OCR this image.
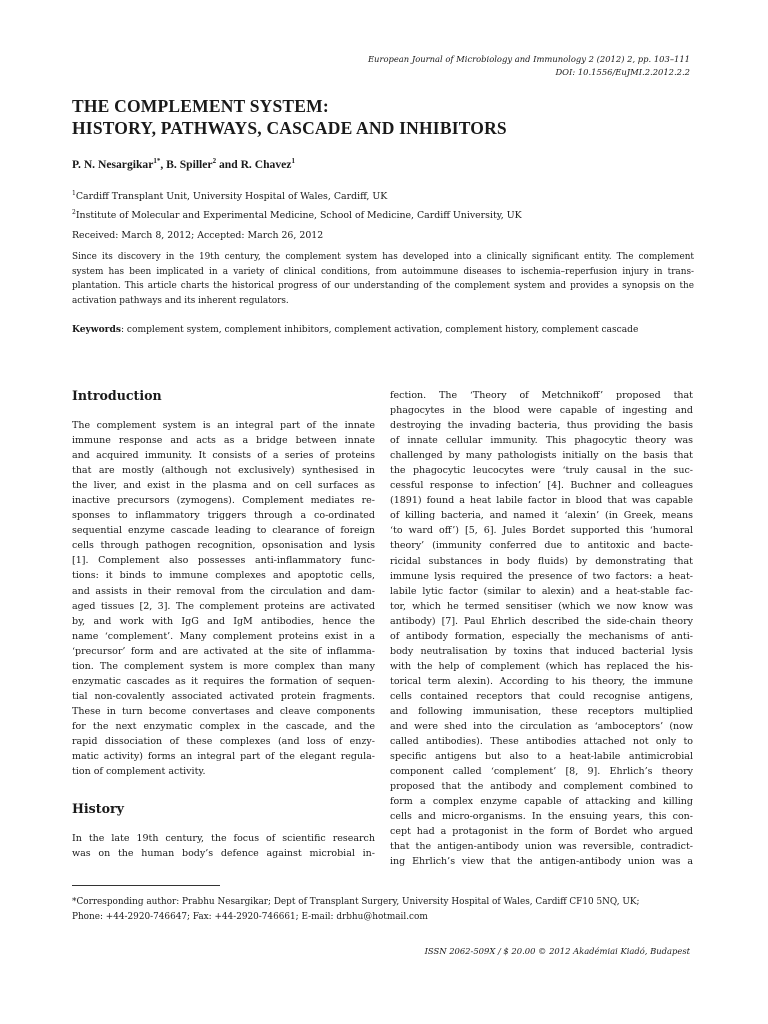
European Journal of Microbiology and Immunology 2 (2012) 2, pp. 103–111
DOI: 10.1556/EuJMI.2.2012.2.2
THE COMPLEMENT SYSTEM:
HISTORY, PATHWAYS, CASCADE AND INHIBITORS
P. N. Nesargikar$^{1*}$, B. Spiller$^2$ and R. Chavez$^1$
$^1$Cardiff Transplant Unit, University Hospital of Wales, Cardiff, UK
$^2$Institute of Molecular and Experimental Medicine, School of Medicine, Cardiff University, UK
Received: March 8, 2012; Accepted: March 26, 2012
Since its discovery in the 19th century, the complement system has developed into a clinically significant entity. The complement
system has been implicated in a variety of clinical conditions, from autoimmune diseases to ischemia–reperfusion injury in trans-
plantation. This article charts the historical progress of our understanding of the complement system and provides a synopsis on the
activation pathways and its inherent regulators.
Keywords: complement system, complement inhibitors, complement activation, complement history, complement cascade
Introduction

The complement system is an integral part of the innate
immune response and acts as a bridge between innate
and acquired immunity. It consists of a series of proteins
that are mostly (although not exclusively) synthesised in
the liver, and exist in the plasma and on cell surfaces as
inactive precursors (zymogens). Complement mediates re-
sponses to inflammatory triggers through a co-ordinated
sequential enzyme cascade leading to clearance of foreign
cells through pathogen recognition, opsonisation and lysis
[1]. Complement also possesses anti-inflammatory func-
tions: it binds to immune complexes and apoptotic cells,
and assists in their removal from the circulation and dam-
aged tissues [2, 3]. The complement proteins are activated
by, and work with IgG and IgM antibodies, hence the
name ‘complement’. Many complement proteins exist in a
‘precursor’ form and are activated at the site of inflamma-
tion. The complement system is more complex than many
enzymatic cascades as it requires the formation of sequen-
tial non-covalently associated activated protein fragments.
These in turn become convertases and cleave components
for the next enzymatic complex in the cascade, and the
rapid dissociation of these complexes (and loss of enzy-
matic activity) forms an integral part of the elegant regula-
tion of complement activity.

History

In the late 19th century, the focus of scientific research
was on the human body’s defence against microbial in-

fection. The ‘Theory of Metchnikoff’ proposed that
phagocytes in the blood were capable of ingesting and
destroying the invading bacteria, thus providing the basis
of innate cellular immunity. This phagocytic theory was
challenged by many pathologists initially on the basis that
the phagocytic leucocytes were ‘truly causal in the suc-
cessful response to infection’ [4]. Buchner and colleagues
(1891) found a heat labile factor in blood that was capable
of killing bacteria, and named it ‘alexin’ (in Greek, means
‘to ward off’) [5, 6]. Jules Bordet supported this ‘humoral
theory’ (immunity conferred due to antitoxic and bacte-
ricidal substances in body fluids) by demonstrating that
immune lysis required the presence of two factors: a heat-
labile lytic factor (similar to alexin) and a heat-stable fac-
tor, which he termed sensitiser (which we now know was
antibody) [7]. Paul Ehrlich described the side-chain theory
of antibody formation, especially the mechanisms of anti-
body neutralisation by toxins that induced bacterial lysis
with the help of complement (which has replaced the his-
torical term alexin). According to his theory, the immune
cells contained receptors that could recognise antigens,
and following immunisation, these receptors multiplied
and were shed into the circulation as ‘amboceptors’ (now
called antibodies). These antibodies attached not only to
specific antigens but also to a heat-labile antimicrobial
component called ‘complement’ [8, 9]. Ehrlich’s theory
proposed that the antibody and complement combined to
form a complex enzyme capable of attacking and killing
cells and micro-organisms. In the ensuing years, this con-
cept had a protagonist in the form of Bordet who argued
that the antigen-antibody union was reversible, contradict-
ing Ehrlich’s view that the antigen-antibody union was a

*Corresponding author: Prabhu Nesargikar; Dept of Transplant Surgery, University Hospital of Wales, Cardiff CF10 5NQ, UK;
Phone: +44-2920-746647; Fax: +44-2920-746661; E-mail: drbhu@hotmail.com
ISSN 2062-509X / $ 20.00 © 2012 Akadémiai Kiadó, Budapest
